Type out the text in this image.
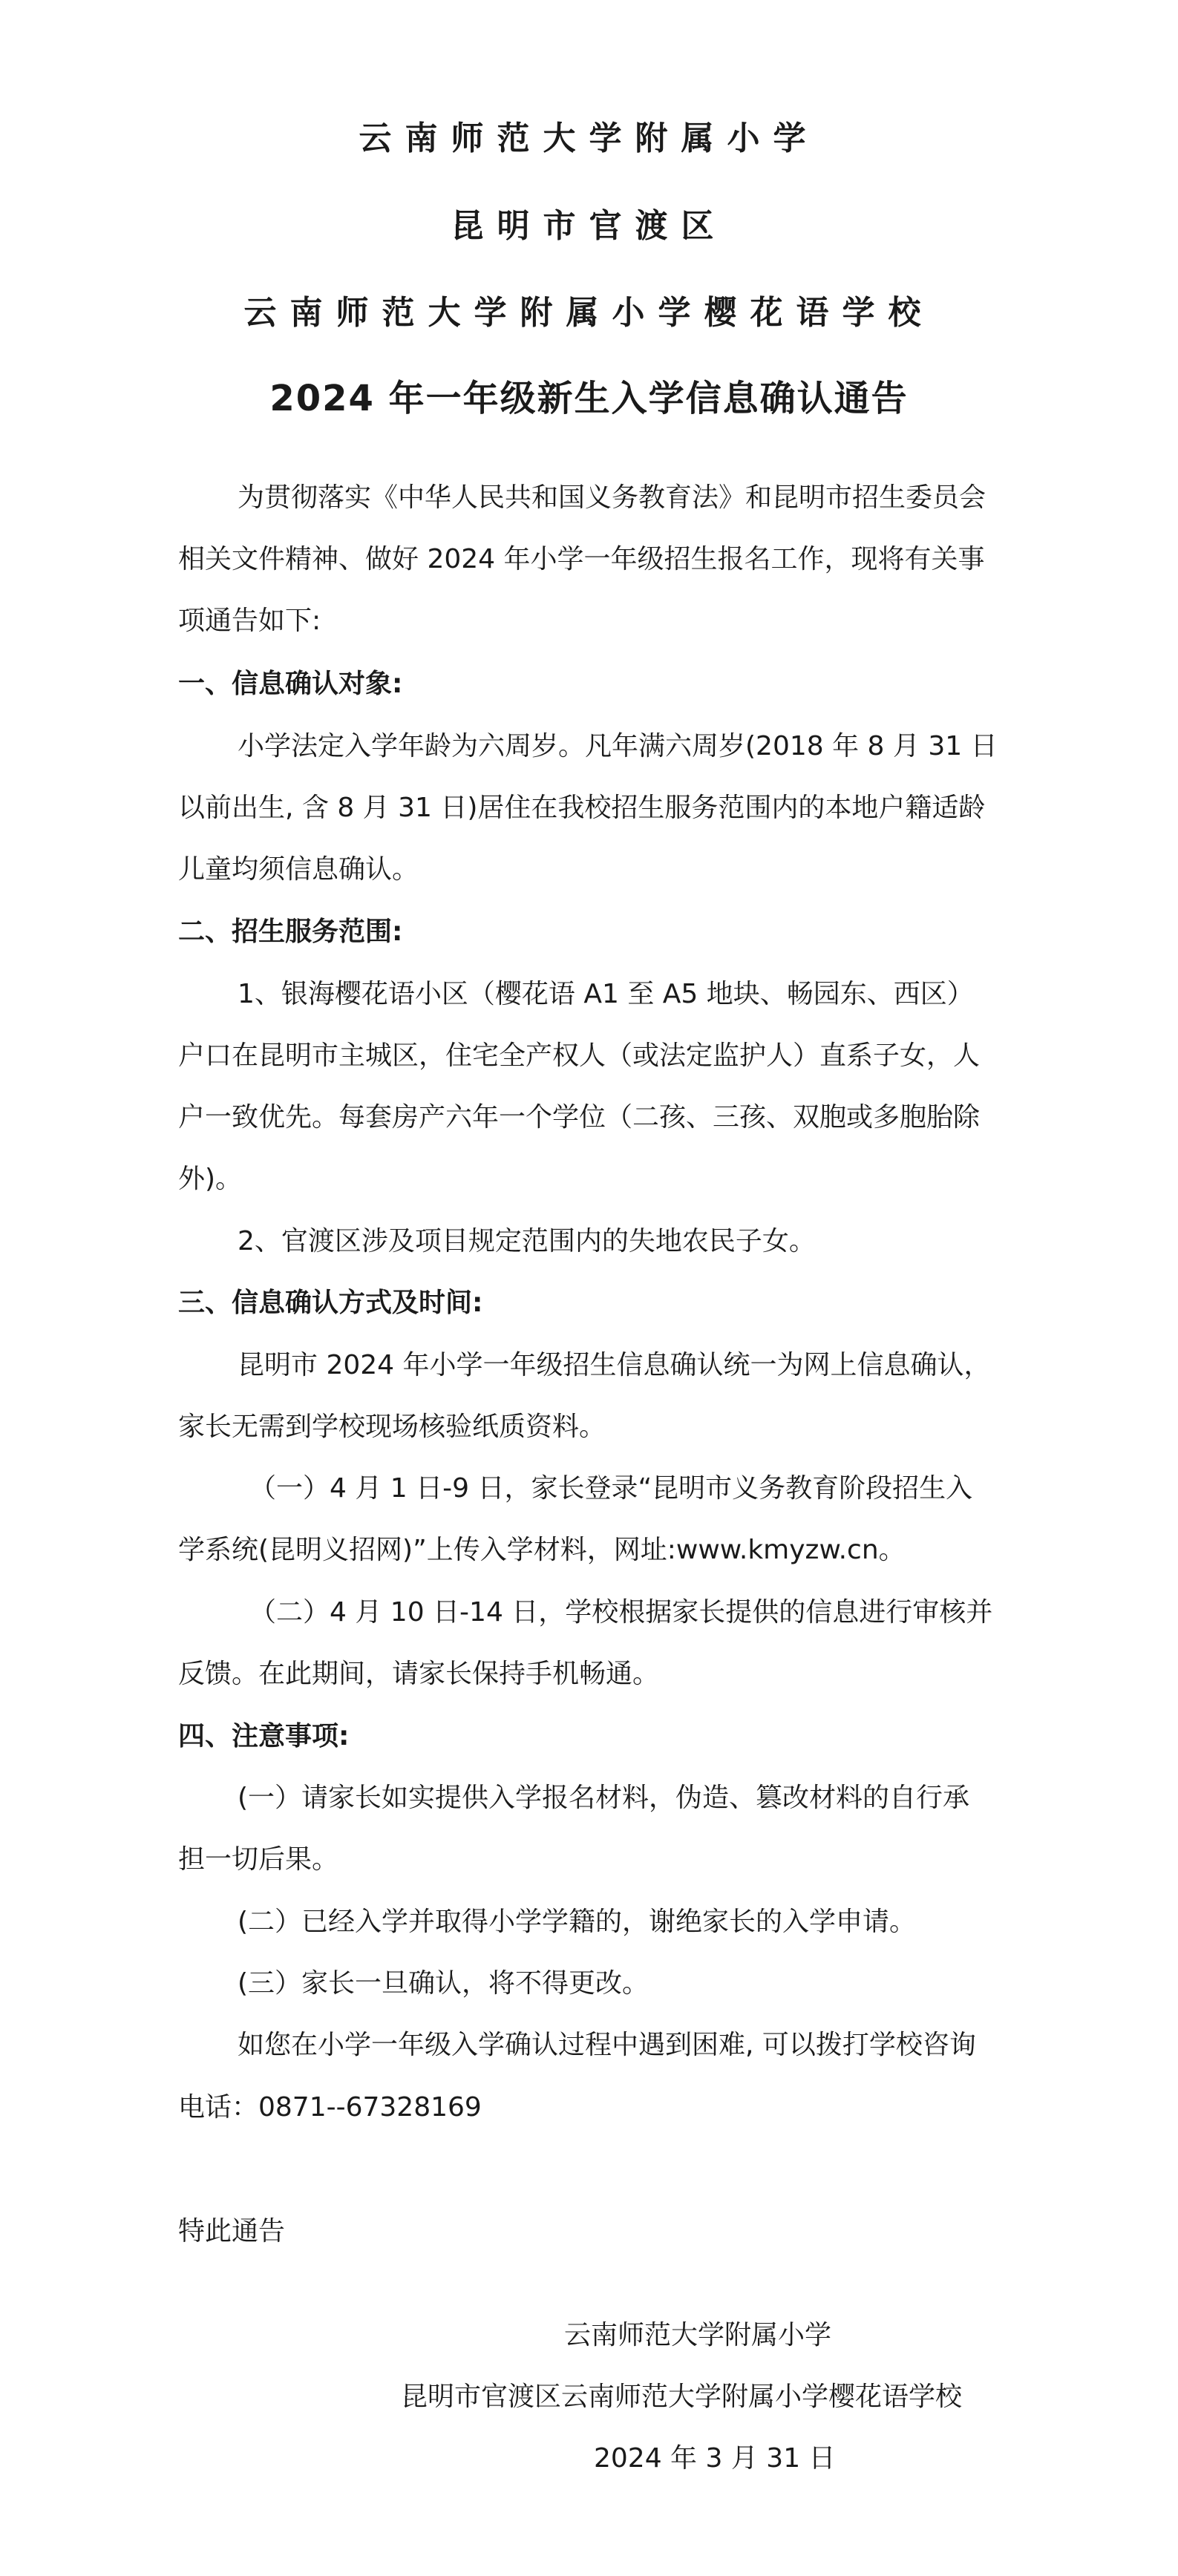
云南师范大学附属小学
昆明市官渡区
云南师范大学附属小学樱花语学校
2024 年一年级新生入学信息确认通告
为贯彻落实《中华人民共和国义务教育法》和昆明市招生委员会
相关文件精神、做好 2024 年小学一年级招生报名工作，现将有关事
项通告如下:
一、信息确认对象:
小学法定入学年龄为六周岁。凡年满六周岁(2018 年 8 月 31 日
以前出生, 含 8 月 31 日)居住在我校招生服务范围内的本地户籍适龄
儿童均须信息确认。
二、招生服务范围:
1、银海樱花语小区（樱花语 A1 至 A5 地块、畅园东、西区）
户口在昆明市主城区，住宅全产权人（或法定监护人）直系子女，人
户一致优先。每套房产六年一个学位（二孩、三孩、双胞或多胞胎除
外)。
2、官渡区涉及项目规定范围内的失地农民子女。
三、信息确认方式及时间:
昆明市 2024 年小学一年级招生信息确认统一为网上信息确认，
家长无需到学校现场核验纸质资料。
（一）4 月 1 日-9 日，家长登录“昆明市义务教育阶段招生入
学系统(昆明义招网)”上传入学材料，网址:www.kmyzw.cn。
（二）4 月 10 日-14 日，学校根据家长提供的信息进行审核并
反馈。在此期间，请家长保持手机畅通。
四、注意事项:
(一）请家长如实提供入学报名材料，伪造、篡改材料的自行承
担一切后果。
(二）已经入学并取得小学学籍的，谢绝家长的入学申请。
(三）家长一旦确认，将不得更改。
如您在小学一年级入学确认过程中遇到困难, 可以拨打学校咨询
电话：0871--67328169
特此通告
云南师范大学附属小学
昆明市官渡区云南师范大学附属小学樱花语学校
2024 年 3 月 31 日
